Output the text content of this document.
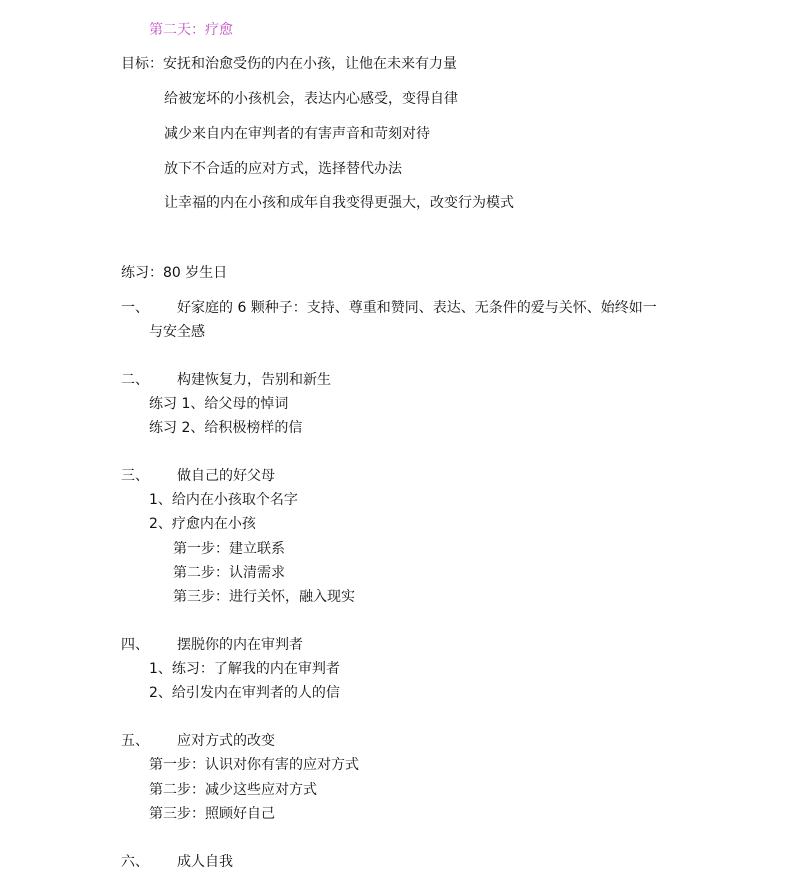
第二天：疗愈
目标：安抚和治愈受伤的内在小孩，让他在未来有力量
给被宠坏的小孩机会，表达内心感受，变得自律
减少来自内在审判者的有害声音和苛刻对待
放下不合适的应对方式，选择替代办法
让幸福的内在小孩和成年自我变得更强大，改变行为模式
练习：80 岁生日
一、 好家庭的 6 颗种子：支持、尊重和赞同、表达、无条件的爱与关怀、始终如一
与安全感
二、 构建恢复力，告别和新生
练习 1、给父母的悼词
练习 2、给积极榜样的信
三、 做自己的好父母
1、给内在小孩取个名字
2、疗愈内在小孩
第一步：建立联系
第二步：认清需求
第三步：进行关怀，融入现实
四、 摆脱你的内在审判者
1、练习：了解我的内在审判者
2、给引发内在审判者的人的信
五、 应对方式的改变
第一步：认识对你有害的应对方式
第二步：减少这些应对方式
第三步：照顾好自己
六、 成人自我
